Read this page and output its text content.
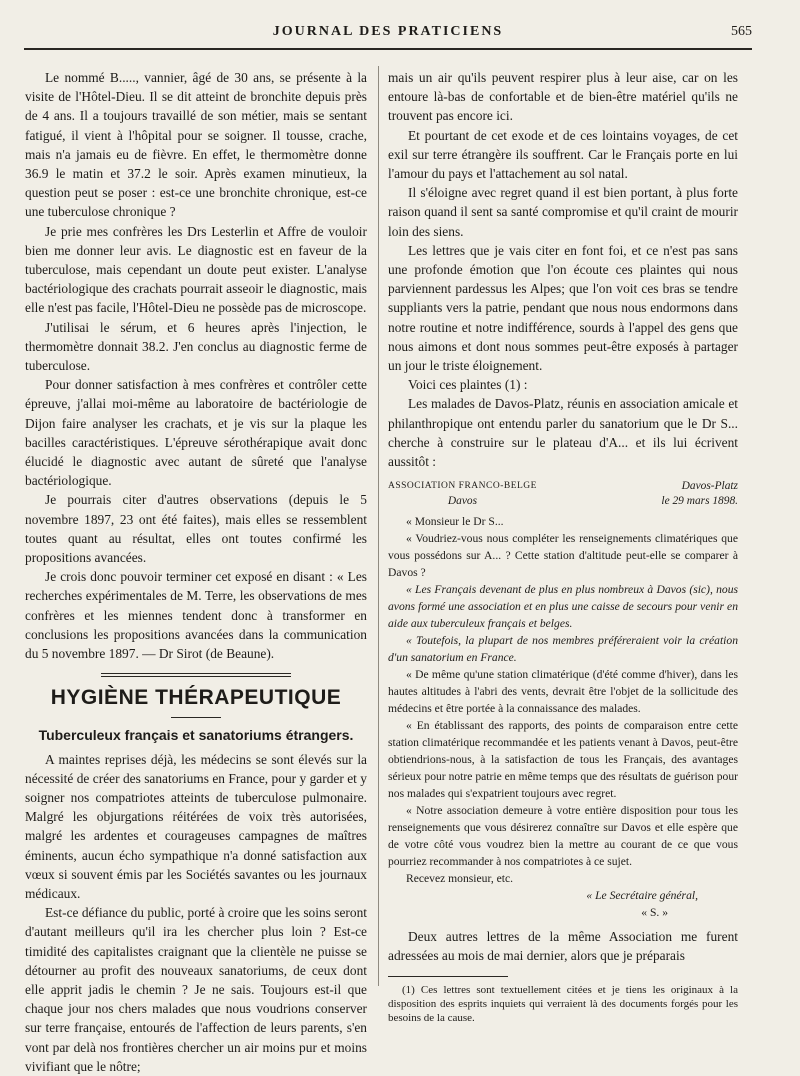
JOURNAL DES PRATICIENS	565

Le nommé B....., vannier, âgé de 30 ans, se présente à la visite de l'Hôtel-Dieu. Il se dit atteint de bronchite depuis près de 4 ans. Il a toujours travaillé de son métier, mais se sentant fatigué, il vient à l'hôpital pour se soigner. Il tousse, crache, mais n'a jamais eu de fièvre. En effet, le thermomètre donne 36.9 le matin et 37.2 le soir. Après examen minutieux, la question peut se poser : est-ce une bronchite chronique, est-ce une tuberculose chronique ?

Je prie mes confrères les Drs Lesterlin et Affre de vouloir bien me donner leur avis. Le diagnostic est en faveur de la tuberculose, mais cependant un doute peut exister. L'analyse bactériologique des crachats pourrait asseoir le diagnostic, mais elle n'est pas facile, l'Hôtel-Dieu ne possède pas de microscope.

J'utilisai le sérum, et 6 heures après l'injection, le thermomètre donnait 38.2. J'en conclus au diagnostic ferme de tuberculose.

Pour donner satisfaction à mes confrères et contrôler cette épreuve, j'allai moi-même au laboratoire de bactériologie de Dijon faire analyser les crachats, et je vis sur la plaque les bacilles caractéristiques. L'épreuve sérothérapique avait donc élucidé le diagnostic avec autant de sûreté que l'analyse bactériologique.

Je pourrais citer d'autres observations (depuis le 5 novembre 1897, 23 ont été faites), mais elles se ressemblent toutes quant au résultat, elles ont toutes confirmé les propositions avancées.

Je crois donc pouvoir terminer cet exposé en disant : « Les recherches expérimentales de M. Terre, les observations de mes confrères et les miennes tendent donc à transformer en conclusions les propositions avancées dans la communication du 5 novembre 1897. — Dr Sirot (de Beaune).

HYGIÈNE THÉRAPEUTIQUE
Tuberculeux français et sanatoriums étrangers.

A maintes reprises déjà, les médecins se sont élevés sur la nécessité de créer des sanatoriums en France, pour y garder et y soigner nos compatriotes atteints de tuberculose pulmonaire. Malgré les objurgations réitérées de voix très autorisées, malgré les ardentes et courageuses campagnes de maîtres éminents, aucun écho sympathique n'a donné satisfaction aux vœux si souvent émis par les Sociétés savantes ou les journaux médicaux.

Est-ce défiance du public, porté à croire que les soins seront d'autant meilleurs qu'il ira les chercher plus loin ? Est-ce timidité des capitalistes craignant que la clientèle ne puisse se détourner au profit des nouveaux sanatoriums, de ceux dont elle apprit jadis le chemin ? Je ne sais. Toujours est-il que chaque jour nos chers malades que nous voudrions conserver sur terre française, entourés de l'affection de leurs parents, s'en vont par delà nos frontières chercher un air moins pur et moins vivifiant que le nôtre;

mais un air qu'ils peuvent respirer plus à leur aise, car on les entoure là-bas de confortable et de bien-être matériel qu'ils ne trouvent pas encore ici.

Et pourtant de cet exode et de ces lointains voyages, de cet exil sur terre étrangère ils souffrent. Car le Français porte en lui l'amour du pays et l'attachement au sol natal.

Il s'éloigne avec regret quand il est bien portant, à plus forte raison quand il sent sa santé compromise et qu'il craint de mourir loin des siens.

Les lettres que je vais citer en font foi, et ce n'est pas sans une profonde émotion que l'on écoute ces plaintes qui nous parviennent pardessus les Alpes; que l'on voit ces bras se tendre suppliants vers la patrie, pendant que nous nous endormons dans notre routine et notre indifférence, sourds à l'appel des gens que nous aimons et dont nous sommes peut-être exposés à partager un jour le triste éloignement.

Voici ces plaintes (1) :

Les malades de Davos-Platz, réunis en association amicale et philanthropique ont entendu parler du sanatorium que le Dr S... cherche à construire sur le plateau d'A... et ils lui écrivent aussitôt :

ASSOCIATION FRANCO-BELGE
Davos
Davos-Platz
le 29 mars 1898.

« Monsieur le Dr S...

« Voudriez-vous nous compléter les renseignements climatériques que vous possédons sur A... ? Cette station d'altitude peut-elle se comparer à Davos ?

« Les Français devenant de plus en plus nombreux à Davos (sic), nous avons formé une association et en plus une caisse de secours pour venir en aide aux tuberculeux français et belges.

« Toutefois, la plupart de nos membres préféreraient voir la création d'un sanatorium en France.

« De même qu'une station climatérique (d'été comme d'hiver), dans les hautes altitudes à l'abri des vents, devrait être l'objet de la sollicitude des médecins et être portée à la connaissance des malades.

« En établissant des rapports, des points de comparaison entre cette station climatérique recommandée et les patients venant à Davos, peut-être obtiendrions-nous, à la satisfaction de tous les Français, des avantages sérieux pour notre patrie en même temps que des résultats de guérison pour nos malades qui s'expatrient toujours avec regret.

« Notre association demeure à votre entière disposition pour tous les renseignements que vous désirerez connaître sur Davos et elle espère que de votre côté vous voudrez bien la mettre au courant de ce que vous pourriez recommander à nos compatriotes à ce sujet.

Recevez monsieur, etc.

« Le Secrétaire général,
« S. »

Deux autres lettres de la même Association me furent adressées au mois de mai dernier, alors que je préparais

(1) Ces lettres sont textuellement citées et je tiens les originaux à la disposition des esprits inquiets qui verraient là des documents forgés pour les besoins de la cause.
